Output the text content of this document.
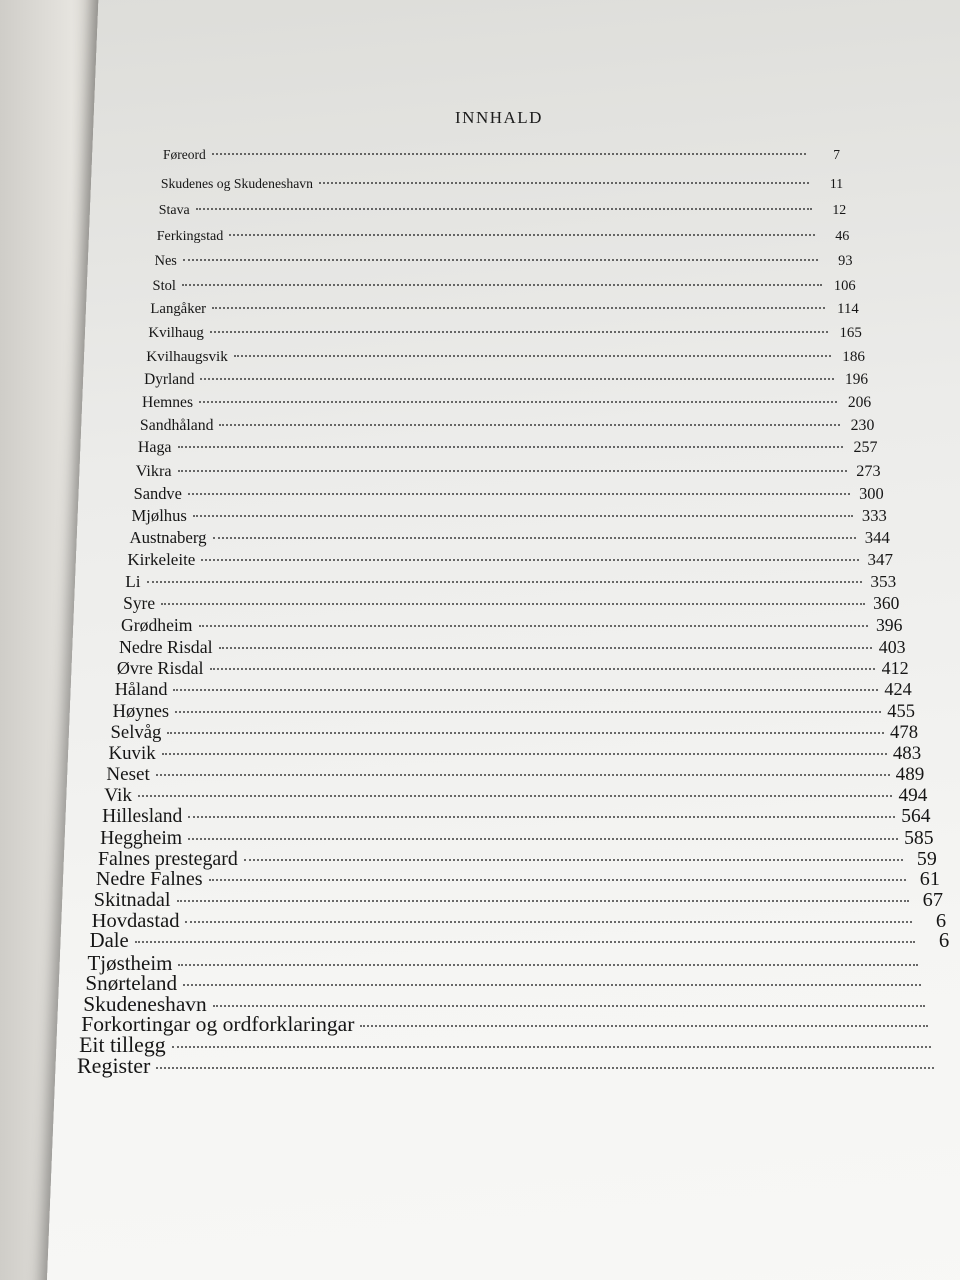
INNHALD
Føreord	7
Skudenes og Skudeneshavn	11
Stava	12
Ferkingstad	46
Nes	93
Stol	106
Langåker	114
Kvilhaug	165
Kvilhaugsvik	186
Dyrland	196
Hemnes	206
Sandhåland	230
Haga	257
Vikra	273
Sandve	300
Mjølhus	333
Austnaberg	344
Kirkeleite	347
Li	353
Syre	360
Grødheim	396
Nedre Risdal	403
Øvre Risdal	412
Håland	424
Høynes	455
Selvåg	478
Kuvik	483
Neset	489
Vik	494
Hillesland	564
Heggheim	585
Falnes prestegard	59
Nedre Falnes	61
Skitnadal	67
Hovdastad	6
Dale	6
Tjøstheim
Snørteland
Skudeneshavn
Forkortingar og ordforklaringar
Eit tillegg
Register
